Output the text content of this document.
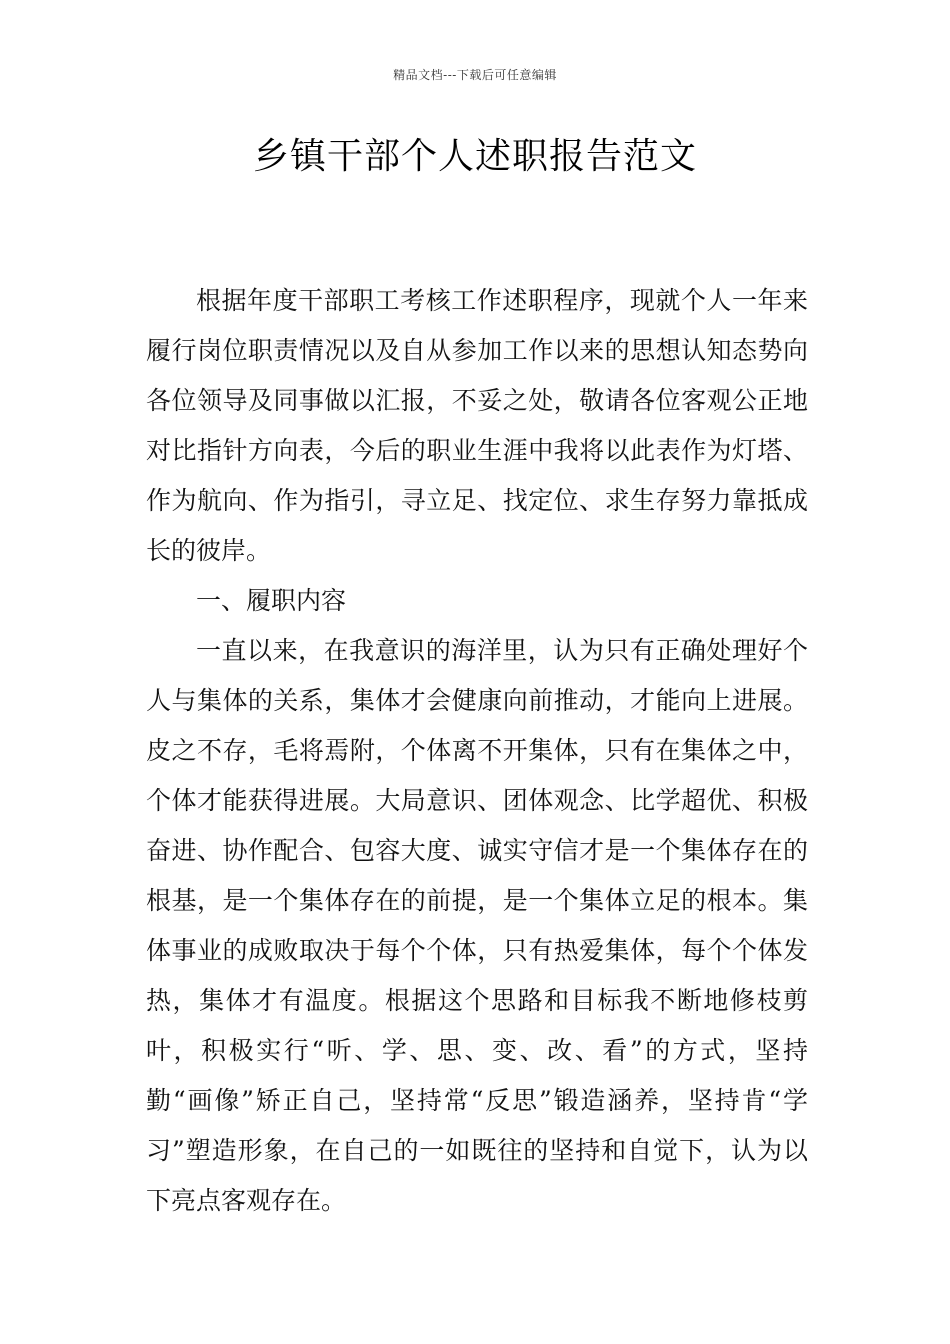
精品文档---下载后可任意编辑
乡镇干部个人述职报告范文

根据年度干部职工考核工作述职程序，现就个人一年来履行岗位职责情况以及自从参加工作以来的思想认知态势向各位领导及同事做以汇报，不妥之处，敬请各位客观公正地对比指针方向表，今后的职业生涯中我将以此表作为灯塔、作为航向、作为指引，寻立足、找定位、求生存努力靠抵成长的彼岸。

一、履职内容

一直以来，在我意识的海洋里，认为只有正确处理好个人与集体的关系，集体才会健康向前推动，才能向上进展。皮之不存，毛将焉附，个体离不开集体，只有在集体之中，个体才能获得进展。大局意识、团体观念、比学超优、积极奋进、协作配合、包容大度、诚实守信才是一个集体存在的根基，是一个集体存在的前提，是一个集体立足的根本。集体事业的成败取决于每个个体，只有热爱集体，每个个体发热，集体才有温度。根据这个思路和目标我不断地修枝剪叶，积极实行“听、学、思、变、改、看”的方式，坚持勤“画像”矫正自己，坚持常“反思”锻造涵养，坚持肯“学习”塑造形象，在自己的一如既往的坚持和自觉下，认为以下亮点客观存在。
